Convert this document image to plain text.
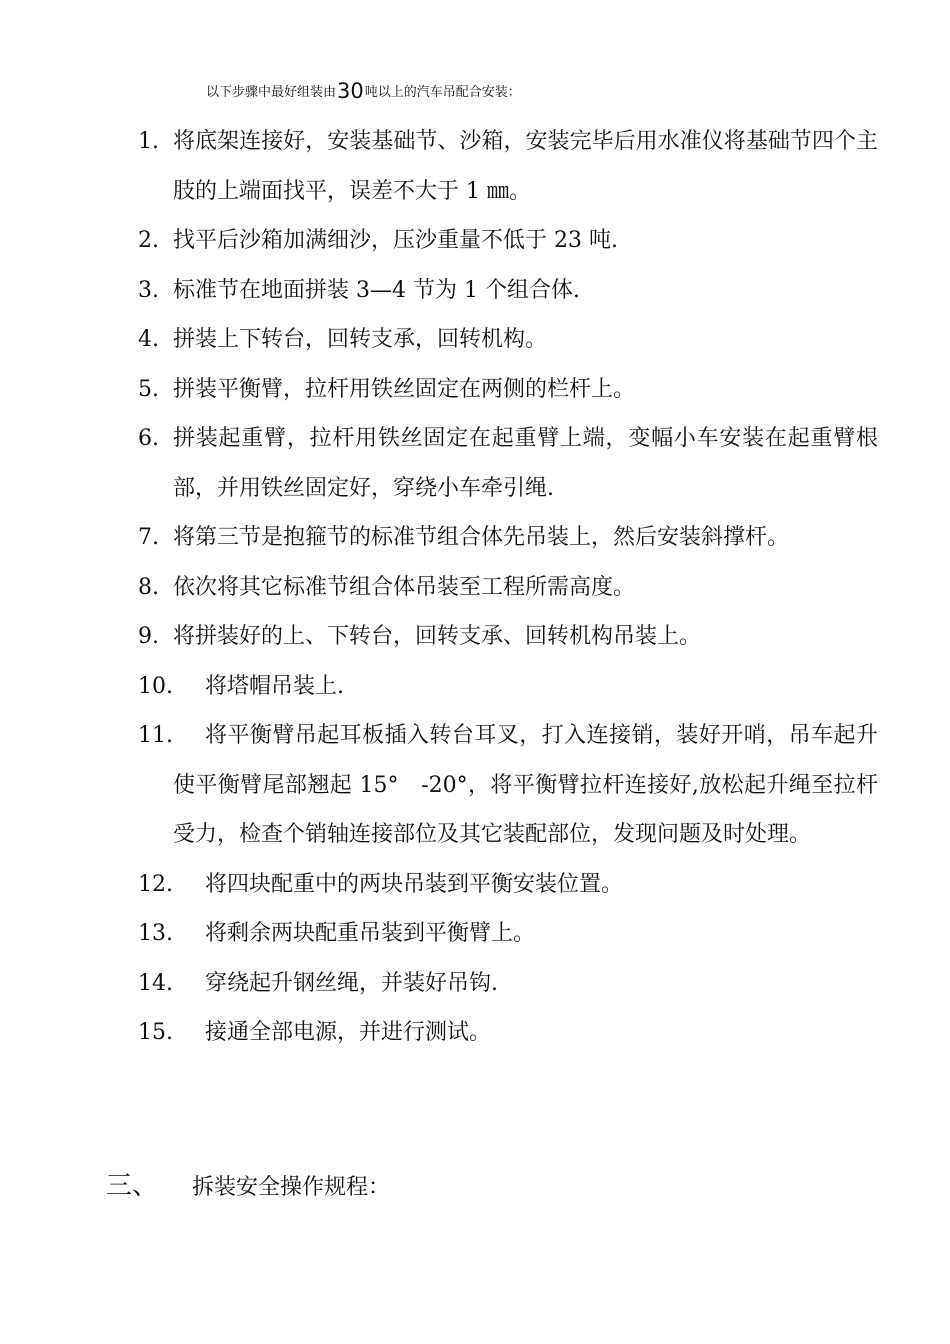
以下步骤中最好组装由30吨以上的汽车吊配合安装：
1. 将底架连接好，安装基础节、沙箱，安装完毕后用水准仪将基础节四个主肢的上端面找平，误差不大于 1 ㎜。
2. 找平后沙箱加满细沙，压沙重量不低于 23 吨.
3. 标准节在地面拼装 3—4 节为 1 个组合体.
4. 拼装上下转台，回转支承，回转机构。
5. 拼装平衡臂，拉杆用铁丝固定在两侧的栏杆上。
6. 拼装起重臂，拉杆用铁丝固定在起重臂上端，变幅小车安装在起重臂根部，并用铁丝固定好，穿绕小车牵引绳.
7. 将第三节是抱箍节的标准节组合体先吊装上，然后安装斜撑杆。
8. 依次将其它标准节组合体吊装至工程所需高度。
9. 将拼装好的上、下转台，回转支承、回转机构吊装上。
10.	将塔帽吊装上.
11.	将平衡臂吊起耳板插入转台耳叉，打入连接销，装好开哨，吊车起升使平衡臂尾部翘起 15°　-20°，将平衡臂拉杆连接好,放松起升绳至拉杆受力，检查个销轴连接部位及其它装配部位，发现问题及时处理。
12.	将四块配重中的两块吊装到平衡安装位置。
13.	将剩余两块配重吊装到平衡臂上。
14.	穿绕起升钢丝绳，并装好吊钩.
15.	接通全部电源，并进行测试。
三、 拆装安全操作规程：
